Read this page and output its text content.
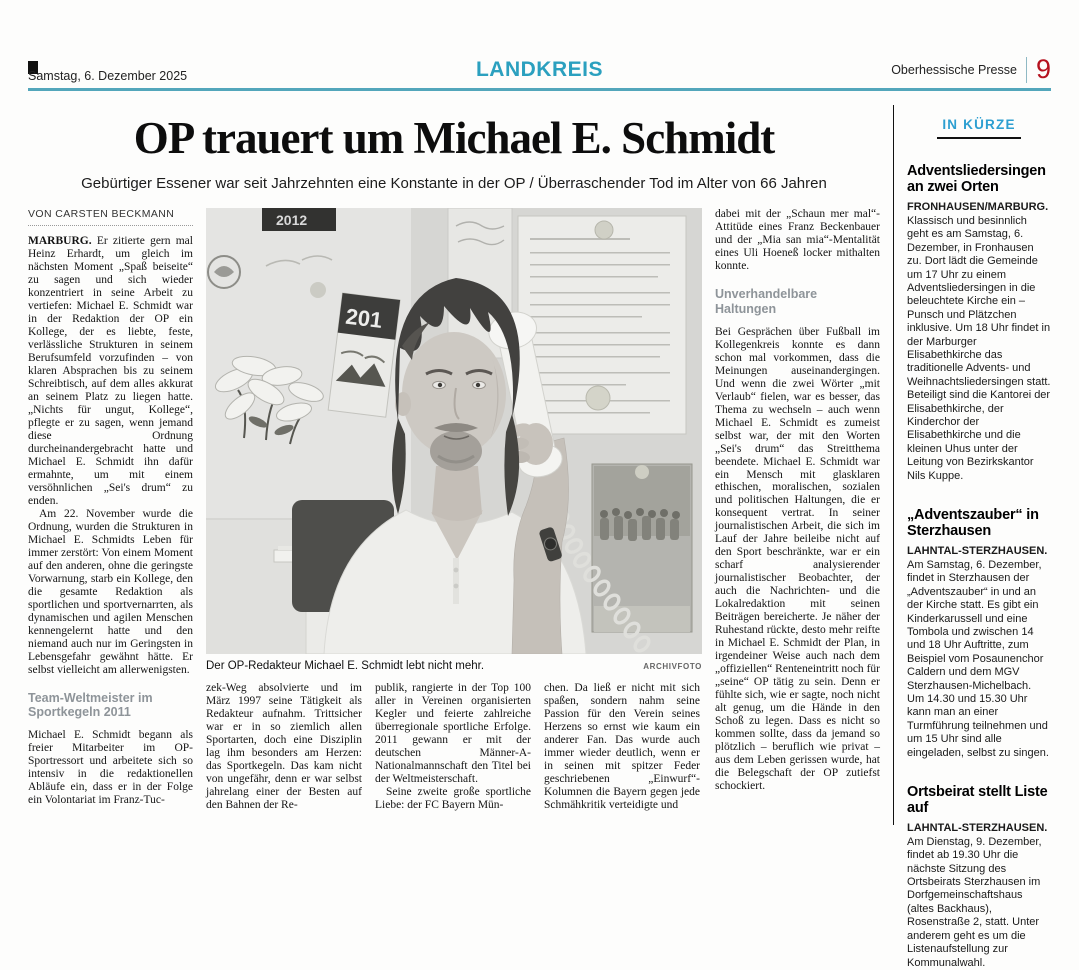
Samstag, 6. Dezember 2025	LANDKREIS	Oberhessische Presse 9
OP trauert um Michael E. Schmidt
Gebürtiger Essener war seit Jahrzehnten eine Konstante in der OP / Überraschender Tod im Alter von 66 Jahren
VON CARSTEN BECKMANN

MARBURG. Er zitierte gern mal Heinz Erhardt, um gleich im nächsten Moment „Spaß beiseite“ zu sagen und sich wieder konzentriert in seine Arbeit zu vertiefen: Michael E. Schmidt war in der Redaktion der OP ein Kollege, der es liebte, feste, verlässliche Strukturen in seinem Berufsumfeld vorzufinden – von klaren Absprachen bis zu seinem Schreibtisch, auf dem alles akkurat an seinem Platz zu liegen hatte. „Nichts für ungut, Kollege“, pflegte er zu sagen, wenn jemand diese Ordnung durcheinandergebracht hatte und Michael E. Schmidt ihn dafür ermahnte, um mit einem versöhnlichen „Sei's drum“ zu enden.

Am 22. November wurde die Ordnung, wurden die Strukturen in Michael E. Schmidts Leben für immer zerstört: Von einem Moment auf den anderen, ohne die geringste Vorwarnung, starb ein Kollege, den die gesamte Redaktion als sportlichen und sportvernarrten, als dynamischen und agilen Menschen kennengelernt hatte und den niemand auch nur im Geringsten in Lebensgefahr gewähnt hätte. Er selbst vielleicht am allerwenigsten.

Team-Weltmeister im Sportkegeln 2011

Michael E. Schmidt begann als freier Mitarbeiter im OP-Sportressort und arbeitete sich so intensiv in die redaktionellen Abläufe ein, dass er in der Folge ein Volontariat im Franz-Tuc-

2012
201
Der OP-Redakteur Michael E. Schmidt lebt nicht mehr.	ARCHIVFOTO

zek-Weg absolvierte und im März 1997 seine Tätigkeit als Redakteur aufnahm. Trittsicher war er in so ziemlich allen Sportarten, doch eine Disziplin lag ihm besonders am Herzen: das Sportkegeln. Das kam nicht von ungefähr, denn er war selbst jahrelang einer der Besten auf den Bahnen der Re-

publik, rangierte in der Top 100 aller in Vereinen organisierten Kegler und feierte zahlreiche überregionale sportliche Erfolge. 2011 gewann er mit der deutschen Männer-A-Nationalmannschaft den Titel bei der Weltmeisterschaft.

Seine zweite große sportliche Liebe: der FC Bayern Mün-

chen. Da ließ er nicht mit sich spaßen, sondern nahm seine Passion für den Verein seines Herzens so ernst wie kaum ein anderer Fan. Das wurde auch immer wieder deutlich, wenn er in seinen mit spitzer Feder geschriebenen „Einwurf“-Kolumnen die Bayern gegen jede Schmähkritik verteidigte und

dabei mit der „Schaun mer mal“-Attitüde eines Franz Beckenbauer und der „Mia san mia“-Mentalität eines Uli Hoeneß locker mithalten konnte.

Unverhandelbare Haltungen

Bei Gesprächen über Fußball im Kollegenkreis konnte es dann schon mal vorkommen, dass die Meinungen auseinandergingen. Und wenn die zwei Wörter „mit Verlaub“ fielen, war es besser, das Thema zu wechseln – auch wenn Michael E. Schmidt es zumeist selbst war, der mit den Worten „Sei's drum“ das Streitthema beendete. Michael E. Schmidt war ein Mensch mit glasklaren ethischen, moralischen, sozialen und politischen Haltungen, die er konsequent vertrat. In seiner journalistischen Arbeit, die sich im Lauf der Jahre beileibe nicht auf den Sport beschränkte, war er ein scharf analysierender journalistischer Beobachter, der auch die Nachrichten- und die Lokalredaktion mit seinen Beiträgen bereicherte. Je näher der Ruhestand rückte, desto mehr reifte in Michael E. Schmidt der Plan, in irgendeiner Weise auch nach dem „offiziellen“ Renteneintritt noch für „seine“ OP tätig zu sein. Denn er fühlte sich, wie er sagte, noch nicht alt genug, um die Hände in den Schoß zu legen. Dass es nicht so kommen sollte, dass da jemand so plötzlich – beruflich wie privat – aus dem Leben gerissen wurde, hat die Belegschaft der OP zutiefst schockiert.

IN KÜRZE
Adventsliedersingen an zwei Orten
FRONHAUSEN/MARBURG. Klassisch und besinnlich geht es am Samstag, 6. Dezember, in Fronhausen zu. Dort lädt die Gemeinde um 17 Uhr zu einem Adventsliedersingen in die beleuchtete Kirche ein – Punsch und Plätzchen inklusive. Um 18 Uhr findet in der Marburger Elisabethkirche das traditionelle Advents- und Weihnachtsliedersingen statt. Beteiligt sind die Kantorei der Elisabethkirche, der Kinderchor der Elisabethkirche und die kleinen Uhus unter der Leitung von Bezirkskantor Nils Kuppe.
„Adventszauber“ in Sterzhausen
LAHNTAL-STERZHAUSEN. Am Samstag, 6. Dezember, findet in Sterzhausen der „Adventszauber“ in und an der Kirche statt. Es gibt ein Kinderkarussell und eine Tombola und zwischen 14 und 18 Uhr Auftritte, zum Beispiel vom Posaunenchor Caldern und dem MGV Sterzhausen-Michelbach. Um 14.30 und 15.30 Uhr kann man an einer Turmführung teilnehmen und um 15 Uhr sind alle eingeladen, selbst zu singen.
Ortsbeirat stellt Liste auf
LAHNTAL-STERZHAUSEN. Am Dienstag, 9. Dezember, findet ab 19.30 Uhr die nächste Sitzung des Ortsbeirats Sterzhausen im Dorfgemeinschaftshaus (altes Backhaus), Rosenstraße 2, statt. Unter anderem geht es um die Listenaufstellung zur Kommunalwahl.
